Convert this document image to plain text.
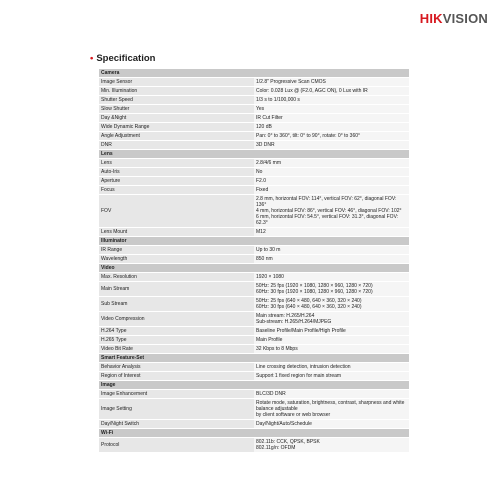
HIK VISION
• Specification
Camera	
Image Sensor	1/2.8" Progressive Scan CMOS

Min. Illumination	Color: 0.028 Lux @ (F2.0, AGC ON), 0 Lux with IR

Shutter Speed	1/3 s to 1/100,000 s

Slow Shutter	Yes

Day &Night	IR Cut Filter

Wide Dynamic Range	120 dB

Angle Adjustment	Pan: 0° to 360°, tilt: 0° to 90°, rotate: 0° to 360°

DNR	3D DNR

Lens	
Lens	2.8/4/6 mm

Auto-Iris	No

Aperture	F2.0

Focus	Fixed

FOV	2.8 mm, horizontal FOV: 114°, vertical FOV: 62°, diagonal FOV: 136°
4 mm, horizontal FOV: 86°, vertical FOV: 46°, diagonal FOV: 102°
6 mm, horizontal FOV: 54.5°, vertical FOV: 31.3°, diagonal FOV: 62.3°

Lens Mount	M12

Illuminator	
IR Range	Up to 30 m

Wavelength	850 nm

Video	
Max. Resolution	1920 × 1080

Main Stream	50Hz: 25 fps (1920 × 1080, 1280 × 960, 1280 × 720)
60Hz: 30 fps (1920 × 1080, 1280 × 960, 1280 × 720)

Sub Stream	50Hz: 25 fps (640 × 480, 640 × 360, 320 × 240)
60Hz: 30 fps (640 × 480, 640 × 360, 320 × 240)

Video Compression	Main stream: H.265/H.264
Sub-stream: H.265/H.264/MJPEG

H.264 Type	Baseline Profile/Main Profile/High Profile

H.265 Type	Main Profile

Video Bit Rate	32 Kbps to 8 Mbps

Smart Feature-Set	
Behavior Analysis	Line crossing detection, intrusion detection

Region of Interest	Support 1 fixed region for main stream

Image	
Image Enhancement	BLC/3D DNR

Image Setting	Rotate mode, saturation, brightness, contrast, sharpness and white balance adjustable
by client software or web browser

Day/Night Switch	Day/Night/Auto/Schedule

Wi-Fi	
Protocol	802.11b: CCK, QPSK, BPSK
802.11g/n: OFDM
